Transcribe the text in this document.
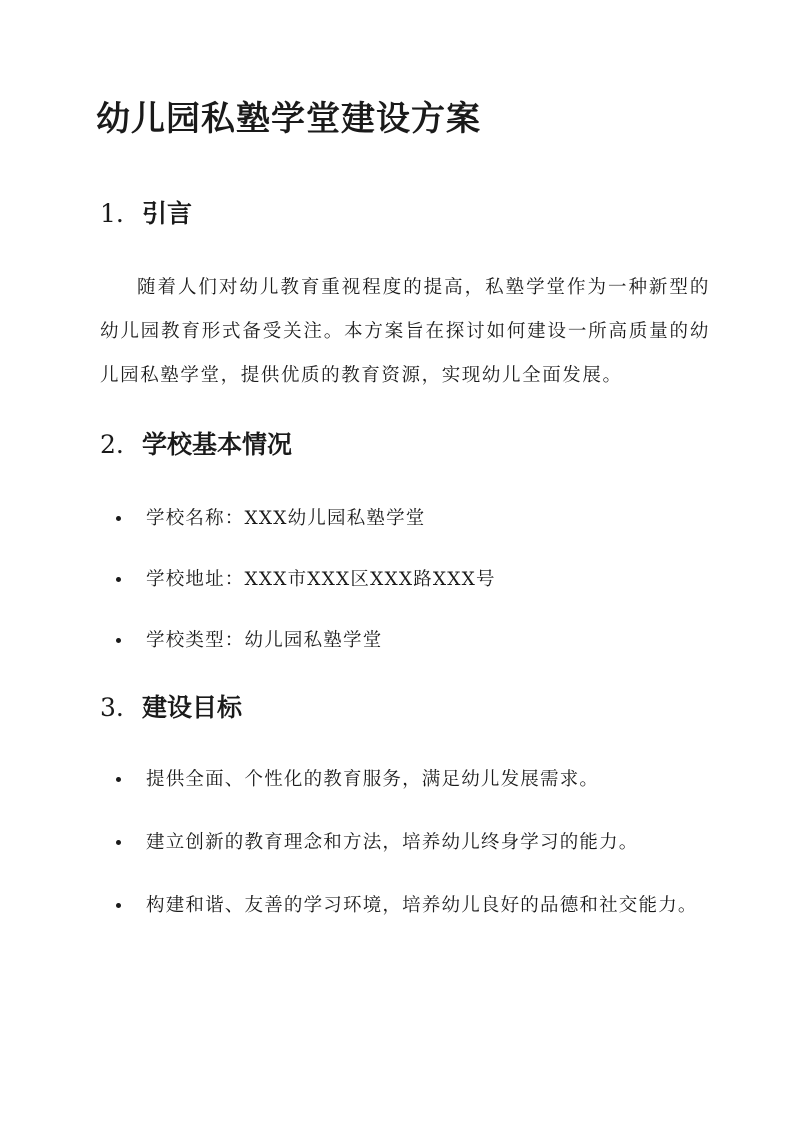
幼儿园私塾学堂建设方案
1. 引言

随着人们对幼儿教育重视程度的提高，私塾学堂作为一种新型的幼儿园教育形式备受关注。本方案旨在探讨如何建设一所高质量的幼儿园私塾学堂，提供优质的教育资源，实现幼儿全面发展。

2. 学校基本情况
学校名称：XXX幼儿园私塾学堂
学校地址：XXX市XXX区XXX路XXX号
学校类型：幼儿园私塾学堂
3. 建设目标
提供全面、个性化的教育服务，满足幼儿发展需求。
建立创新的教育理念和方法，培养幼儿终身学习的能力。
构建和谐、友善的学习环境，培养幼儿良好的品德和社交能力。
